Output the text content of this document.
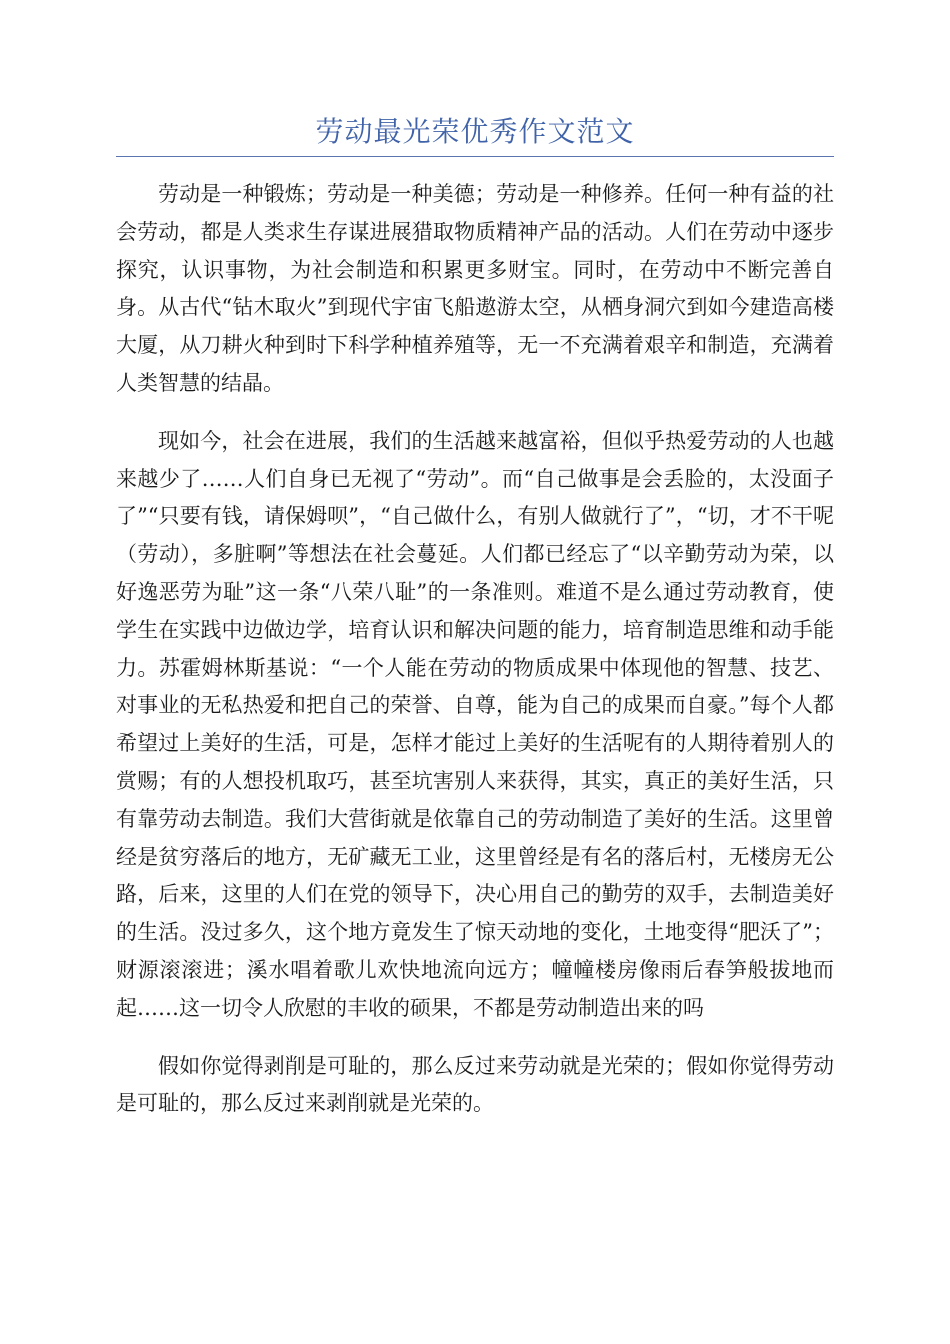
劳动最光荣优秀作文范文

劳动是一种锻炼；劳动是一种美德；劳动是一种修养。任何一种有益的社会劳动，都是人类求生存谋进展猎取物质精神产品的活动。人们在劳动中逐步探究，认识事物，为社会制造和积累更多财宝。同时，在劳动中不断完善自身。从古代“钻木取火”到现代宇宙飞船遨游太空，从栖身洞穴到如今建造高楼大厦，从刀耕火种到时下科学种植养殖等，无一不充满着艰辛和制造，充满着人类智慧的结晶。

现如今，社会在进展，我们的生活越来越富裕，但似乎热爱劳动的人也越来越少了……人们自身已无视了“劳动”。而“自己做事是会丢脸的，太没面子了”“只要有钱，请保姆呗”，“自己做什么，有别人做就行了”，“切，才不干呢（劳动），多脏啊”等想法在社会蔓延。人们都已经忘了“以辛勤劳动为荣，以好逸恶劳为耻”这一条“八荣八耻”的一条准则。难道不是么通过劳动教育，使学生在实践中边做边学，培育认识和解决问题的能力，培育制造思维和动手能力。苏霍姆林斯基说：“一个人能在劳动的物质成果中体现他的智慧、技艺、对事业的无私热爱和把自己的荣誉、自尊，能为自己的成果而自豪。”每个人都希望过上美好的生活，可是，怎样才能过上美好的生活呢有的人期待着别人的赏赐；有的人想投机取巧，甚至坑害别人来获得，其实，真正的美好生活，只有靠劳动去制造。我们大营街就是依靠自己的劳动制造了美好的生活。这里曾经是贫穷落后的地方，无矿藏无工业，这里曾经是有名的落后村，无楼房无公路，后来，这里的人们在党的领导下，决心用自己的勤劳的双手，去制造美好的生活。没过多久，这个地方竟发生了惊天动地的变化，土地变得“肥沃了”；财源滚滚进；溪水唱着歌儿欢快地流向远方；幢幢楼房像雨后春笋般拔地而起……这一切令人欣慰的丰收的硕果，不都是劳动制造出来的吗

假如你觉得剥削是可耻的，那么反过来劳动就是光荣的；假如你觉得劳动是可耻的，那么反过来剥削就是光荣的。
